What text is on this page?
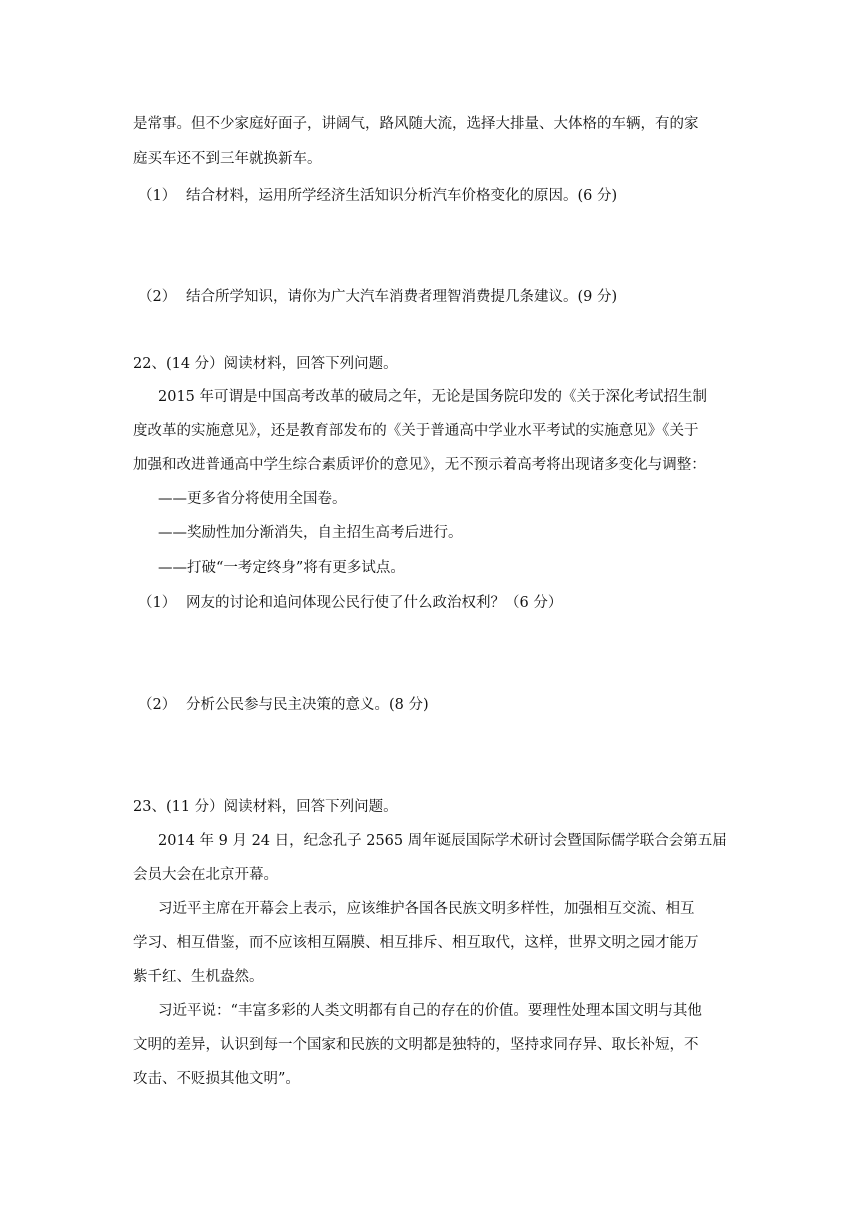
是常事。但不少家庭好面子，讲阔气，路风随大流，选择大排量、大体格的车辆，有的家
庭买车还不到三年就换新车。
（1） 结合材料，运用所学经济生活知识分析汽车价格变化的原因。(6 分)
（2） 结合所学知识，请你为广大汽车消费者理智消费提几条建议。(9 分)
22、(14 分）阅读材料，回答下列问题。
2015 年可谓是中国高考改革的破局之年，无论是国务院印发的《关于深化考试招生制
度改革的实施意见》，还是教育部发布的《关于普通高中学业水平考试的实施意见》《关于
加强和改进普通高中学生综合素质评价的意见》，无不预示着高考将出现诸多变化与调整：
——更多省分将使用全国卷。
——奖励性加分渐消失，自主招生高考后进行。
——打破“一考定终身”将有更多试点。
（1） 网友的讨论和追问体现公民行使了什么政治权利？（6 分）
（2） 分析公民参与民主决策的意义。(8 分)
23、(11 分）阅读材料，回答下列问题。
2014 年 9 月 24 日，纪念孔子 2565 周年诞辰国际学术研讨会暨国际儒学联合会第五届
会员大会在北京开幕。
习近平主席在开幕会上表示，应该维护各国各民族文明多样性，加强相互交流、相互
学习、相互借鉴，而不应该相互隔膜、相互排斥、相互取代，这样，世界文明之园才能万
紫千红、生机盎然。
习近平说：“丰富多彩的人类文明都有自己的存在的价值。要理性处理本国文明与其他
文明的差异，认识到每一个国家和民族的文明都是独特的，坚持求同存异、取长补短，不
攻击、不贬损其他文明”。
